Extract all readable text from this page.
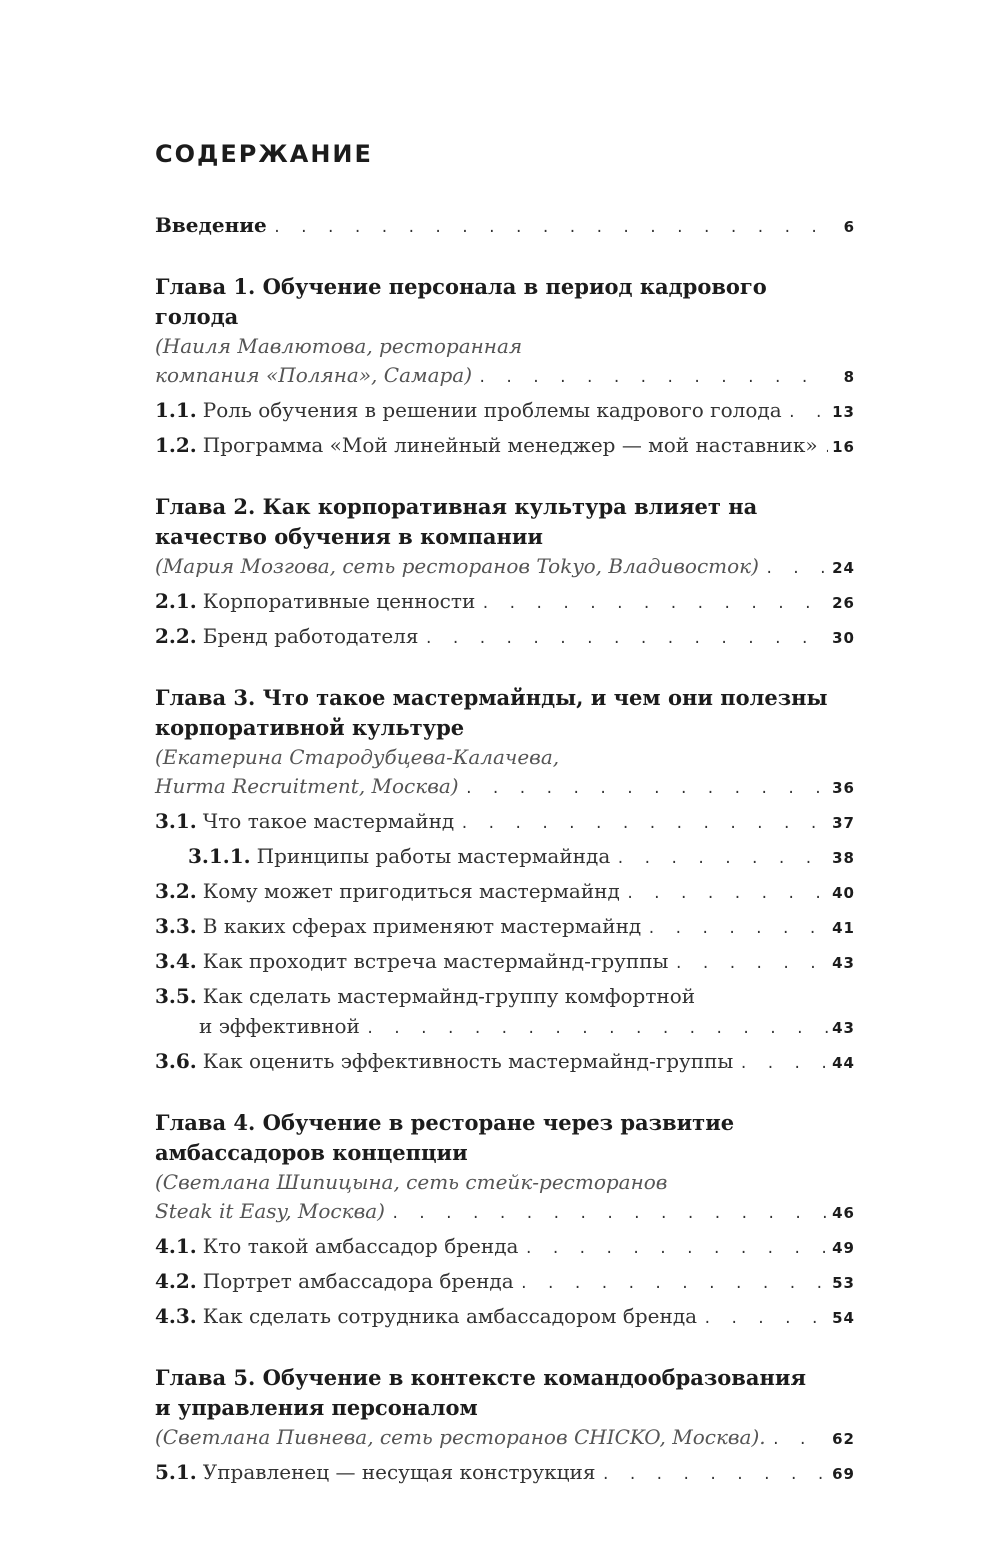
СОДЕРЖАНИЕ
Введение . . .	6
Глава 1. Обучение персонала в период кадрового голода
(Наиля Мавлютова, ресторанная
компания «Поляна», Самара) . . .	8
1.1. Роль обучения в решении проблемы кадрового голода . . .	13
1.2. Программа «Мой линейный менеджер — мой наставник» . . . 16
Глава 2. Как корпоративная культура влияет на
качество обучения в компании
(Мария Мозгова, сеть ресторанов Tokyo, Владивосток) . . .	24
2.1. Корпоративные ценности . . .	26
2.2. Бренд работодателя . . .	30
Глава 3. Что такое мастермайнды, и чем они полезны
корпоративной культуре
(Екатерина Стародубцева-Калачева,
Hurma Recruitment, Москва) . . .	36
3.1. Что такое мастермайнд . . .	37
3.1.1. Принципы работы мастермайнда . . .	38
3.2. Кому может пригодиться мастермайнд . . .	40
3.3. В каких сферах применяют мастермайнд . . .	41
3.4. Как проходит встреча мастермайнд-группы . . .	43
3.5. Как сделать мастермайнд-группу комфортной
и эффективной . . .	43
3.6. Как оценить эффективность мастермайнд-группы . . .	44
Глава 4. Обучение в ресторане через развитие
амбассадоров концепции
(Светлана Шипицына, сеть стейк-ресторанов
Steak it Easy, Москва) . . .	46
4.1. Кто такой амбассадор бренда . . .	49
4.2. Портрет амбассадора бренда . . .	53
4.3. Как сделать сотрудника амбассадором бренда . . .	54
Глава 5. Обучение в контексте командообразования
и управления персоналом
(Светлана Пивнева, сеть ресторанов CHICKO, Москва). . . .	62
5.1. Управленец — несущая конструкция . . .	69
